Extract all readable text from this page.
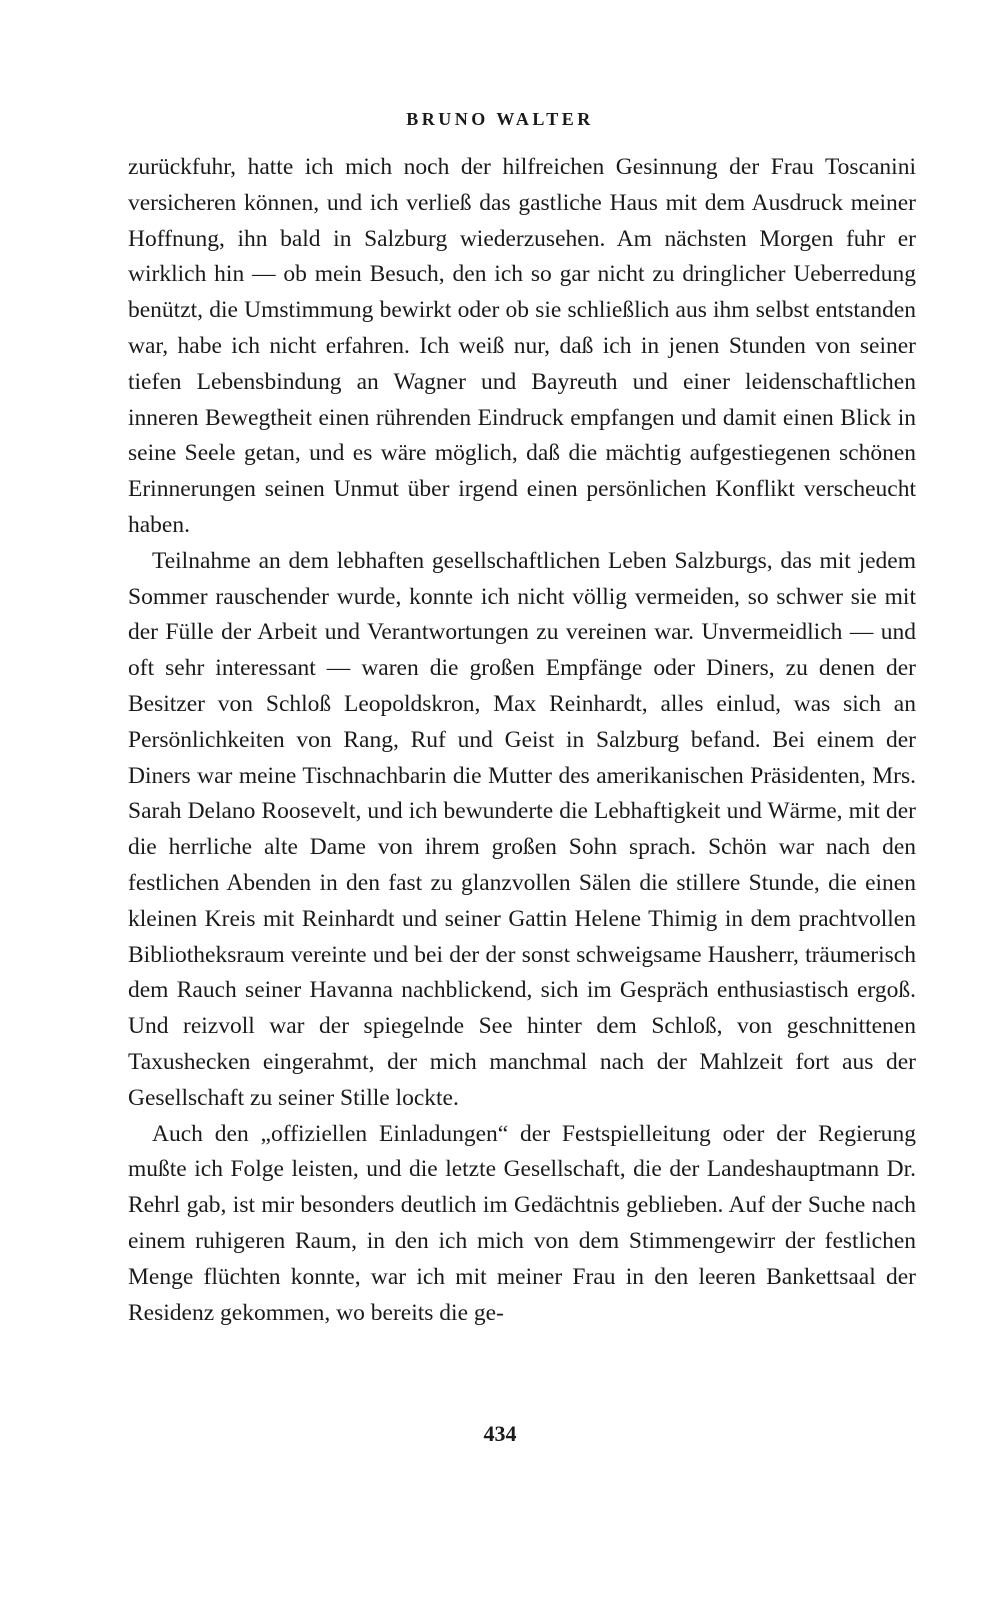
BRUNO WALTER

zurückfuhr, hatte ich mich noch der hilfreichen Gesinnung der Frau Toscanini versicheren können, und ich verließ das gastliche Haus mit dem Ausdruck meiner Hoffnung, ihn bald in Salzburg wiederzusehen. Am nächsten Morgen fuhr er wirklich hin — ob mein Besuch, den ich so gar nicht zu dringlicher Ueberredung benützt, die Umstimmung bewirkt oder ob sie schließlich aus ihm selbst entstanden war, habe ich nicht erfahren. Ich weiß nur, daß ich in jenen Stunden von seiner tiefen Lebensbindung an Wagner und Bayreuth und einer leidenschaftlichen inneren Bewegtheit einen rührenden Eindruck empfangen und damit einen Blick in seine Seele getan, und es wäre möglich, daß die mächtig aufgestiegenen schönen Erinnerungen seinen Unmut über irgend einen persönlichen Konflikt verscheucht haben.

Teilnahme an dem lebhaften gesellschaftlichen Leben Salzburgs, das mit jedem Sommer rauschender wurde, konnte ich nicht völlig vermeiden, so schwer sie mit der Fülle der Arbeit und Verantwortungen zu vereinen war. Unvermeidlich — und oft sehr interessant — waren die großen Empfänge oder Diners, zu denen der Besitzer von Schloß Leopoldskron, Max Reinhardt, alles einlud, was sich an Persönlichkeiten von Rang, Ruf und Geist in Salzburg befand. Bei einem der Diners war meine Tischnachbarin die Mutter des amerikanischen Präsidenten, Mrs. Sarah Delano Roosevelt, und ich bewunderte die Lebhaftigkeit und Wärme, mit der die herrliche alte Dame von ihrem großen Sohn sprach. Schön war nach den festlichen Abenden in den fast zu glanzvollen Sälen die stillere Stunde, die einen kleinen Kreis mit Reinhardt und seiner Gattin Helene Thimig in dem prachtvollen Bibliotheksraum vereinte und bei der der sonst schweigsame Hausherr, träumerisch dem Rauch seiner Havanna nachblickend, sich im Gespräch enthusiastisch ergoß. Und reizvoll war der spiegelnde See hinter dem Schloß, von geschnittenen Taxushecken eingerahmt, der mich manchmal nach der Mahlzeit fort aus der Gesellschaft zu seiner Stille lockte.

Auch den „offiziellen Einladungen“ der Festspielleitung oder der Regierung mußte ich Folge leisten, und die letzte Gesellschaft, die der Landeshauptmann Dr. Rehrl gab, ist mir besonders deutlich im Gedächtnis geblieben. Auf der Suche nach einem ruhigeren Raum, in den ich mich von dem Stimmengewirr der festlichen Menge flüchten konnte, war ich mit meiner Frau in den leeren Bankettsaal der Residenz gekommen, wo bereits die ge-

434
